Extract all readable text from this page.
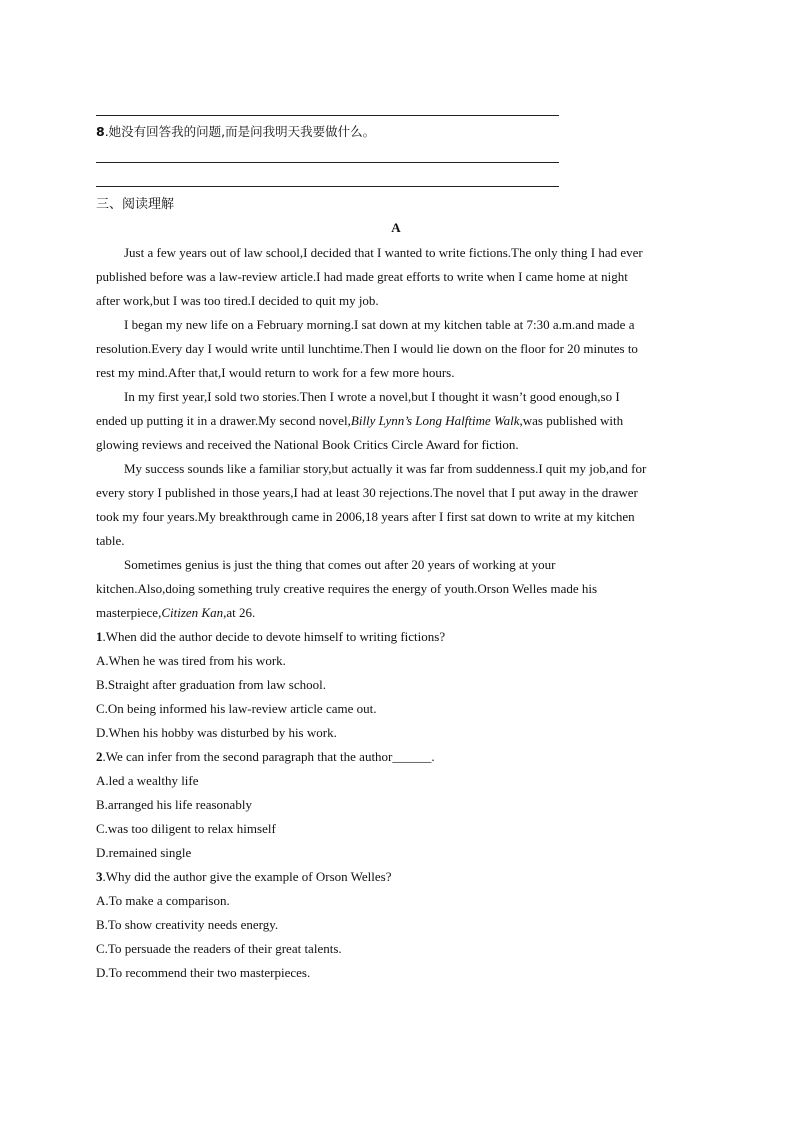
8.她没有回答我的问题,而是问我明天我要做什么。
三、阅读理解
A
Just a few years out of law school,I decided that I wanted to write fictions.The only thing I had ever
published before was a law-review article.I had made great efforts to write when I came home at night
after work,but I was too tired.I decided to quit my job.
I began my new life on a February morning.I sat down at my kitchen table at 7:30 a.m.and made a
resolution.Every day I would write until lunchtime.Then I would lie down on the floor for 20 minutes to
rest my mind.After that,I would return to work for a few more hours.
In my first year,I sold two stories.Then I wrote a novel,but I thought it wasn’t good enough,so I
ended up putting it in a drawer.My second novel,Billy Lynn’s Long Halftime Walk,was published with
glowing reviews and received the National Book Critics Circle Award for fiction.
My success sounds like a familiar story,but actually it was far from suddenness.I quit my job,and for
every story I published in those years,I had at least 30 rejections.The novel that I put away in the drawer
took my four years.My breakthrough came in 2006,18 years after I first sat down to write at my kitchen
table.
Sometimes genius is just the thing that comes out after 20 years of working at your
kitchen.Also,doing something truly creative requires the energy of youth.Orson Welles made his
masterpiece,Citizen Kan,at 26.
1.When did the author decide to devote himself to writing fictions?
A.When he was tired from his work.
B.Straight after graduation from law school.
C.On being informed his law-review article came out.
D.When his hobby was disturbed by his work.
2.We can infer from the second paragraph that the author______.
A.led a wealthy life
B.arranged his life reasonably
C.was too diligent to relax himself
D.remained single
3.Why did the author give the example of Orson Welles?
A.To make a comparison.
B.To show creativity needs energy.
C.To persuade the readers of their great talents.
D.To recommend their two masterpieces.
